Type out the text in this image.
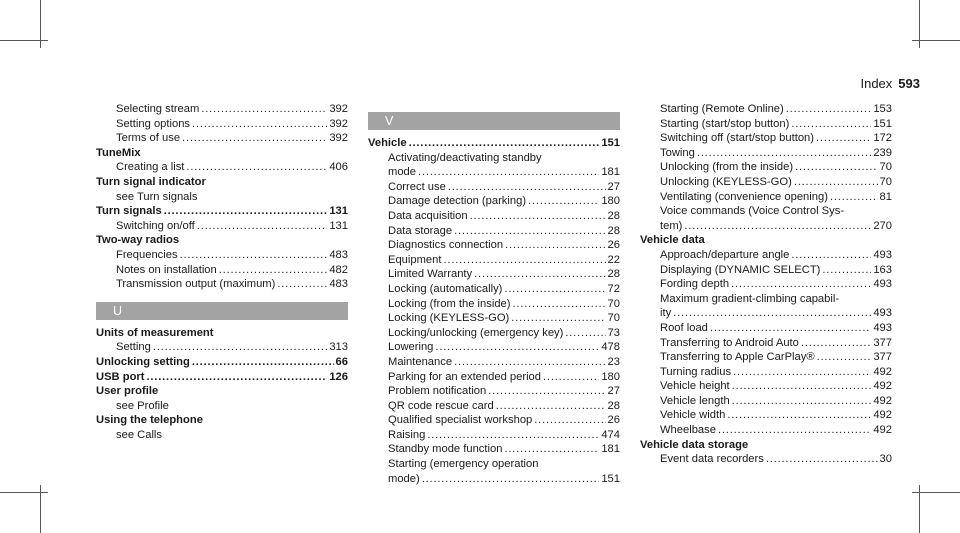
Index 593
Selecting stream .....	392
Setting options .....	392
Terms of use .....	392
TuneMix
Creating a list .....	406
Turn signal indicator
see Turn signals
Turn signals .....	131
Switching on/off .....	131
Two-way radios
Frequencies .....	483
Notes on installation .....	482
Transmission output (maximum) .....	483
U
Units of measurement
Setting .....	313
Unlocking setting .....	66
USB port .....	126
User profile
see Profile
Using the telephone
see Calls
V
Vehicle .....	151
Activating/deactivating standby
mode .....	181
Correct use .....	27
Damage detection (parking) .....	180
Data acquisition .....	28
Data storage .....	28
Diagnostics connection .....	26
Equipment .....	22
Limited Warranty .....	28
Locking (automatically) .....	72
Locking (from the inside) .....	70
Locking (KEYLESS-GO) .....	70
Locking/unlocking (emergency key) .....	73
Lowering .....	478
Maintenance .....	23
Parking for an extended period .....	180
Problem notification .....	27
QR code rescue card .....	28
Qualified specialist workshop .....	26
Raising .....	474
Standby mode function .....	181
Starting (emergency operation
mode) .....	151
Starting (Remote Online) .....	153
Starting (start/stop button) .....	151
Switching off (start/stop button) .....	172
Towing .....	239
Unlocking (from the inside) .....	70
Unlocking (KEYLESS-GO) .....	70
Ventilating (convenience opening) .....	81
Voice commands (Voice Control Sys-
tem) .....	270
Vehicle data
Approach/departure angle .....	493
Displaying (DYNAMIC SELECT) .....	163
Fording depth .....	493
Maximum gradient-climbing capabil-
ity .....	493
Roof load .....	493
Transferring to Android Auto .....	377
Transferring to Apple CarPlay® .....	377
Turning radius .....	492
Vehicle height .....	492
Vehicle length .....	492
Vehicle width .....	492
Wheelbase .....	492
Vehicle data storage
Event data recorders .....	30
